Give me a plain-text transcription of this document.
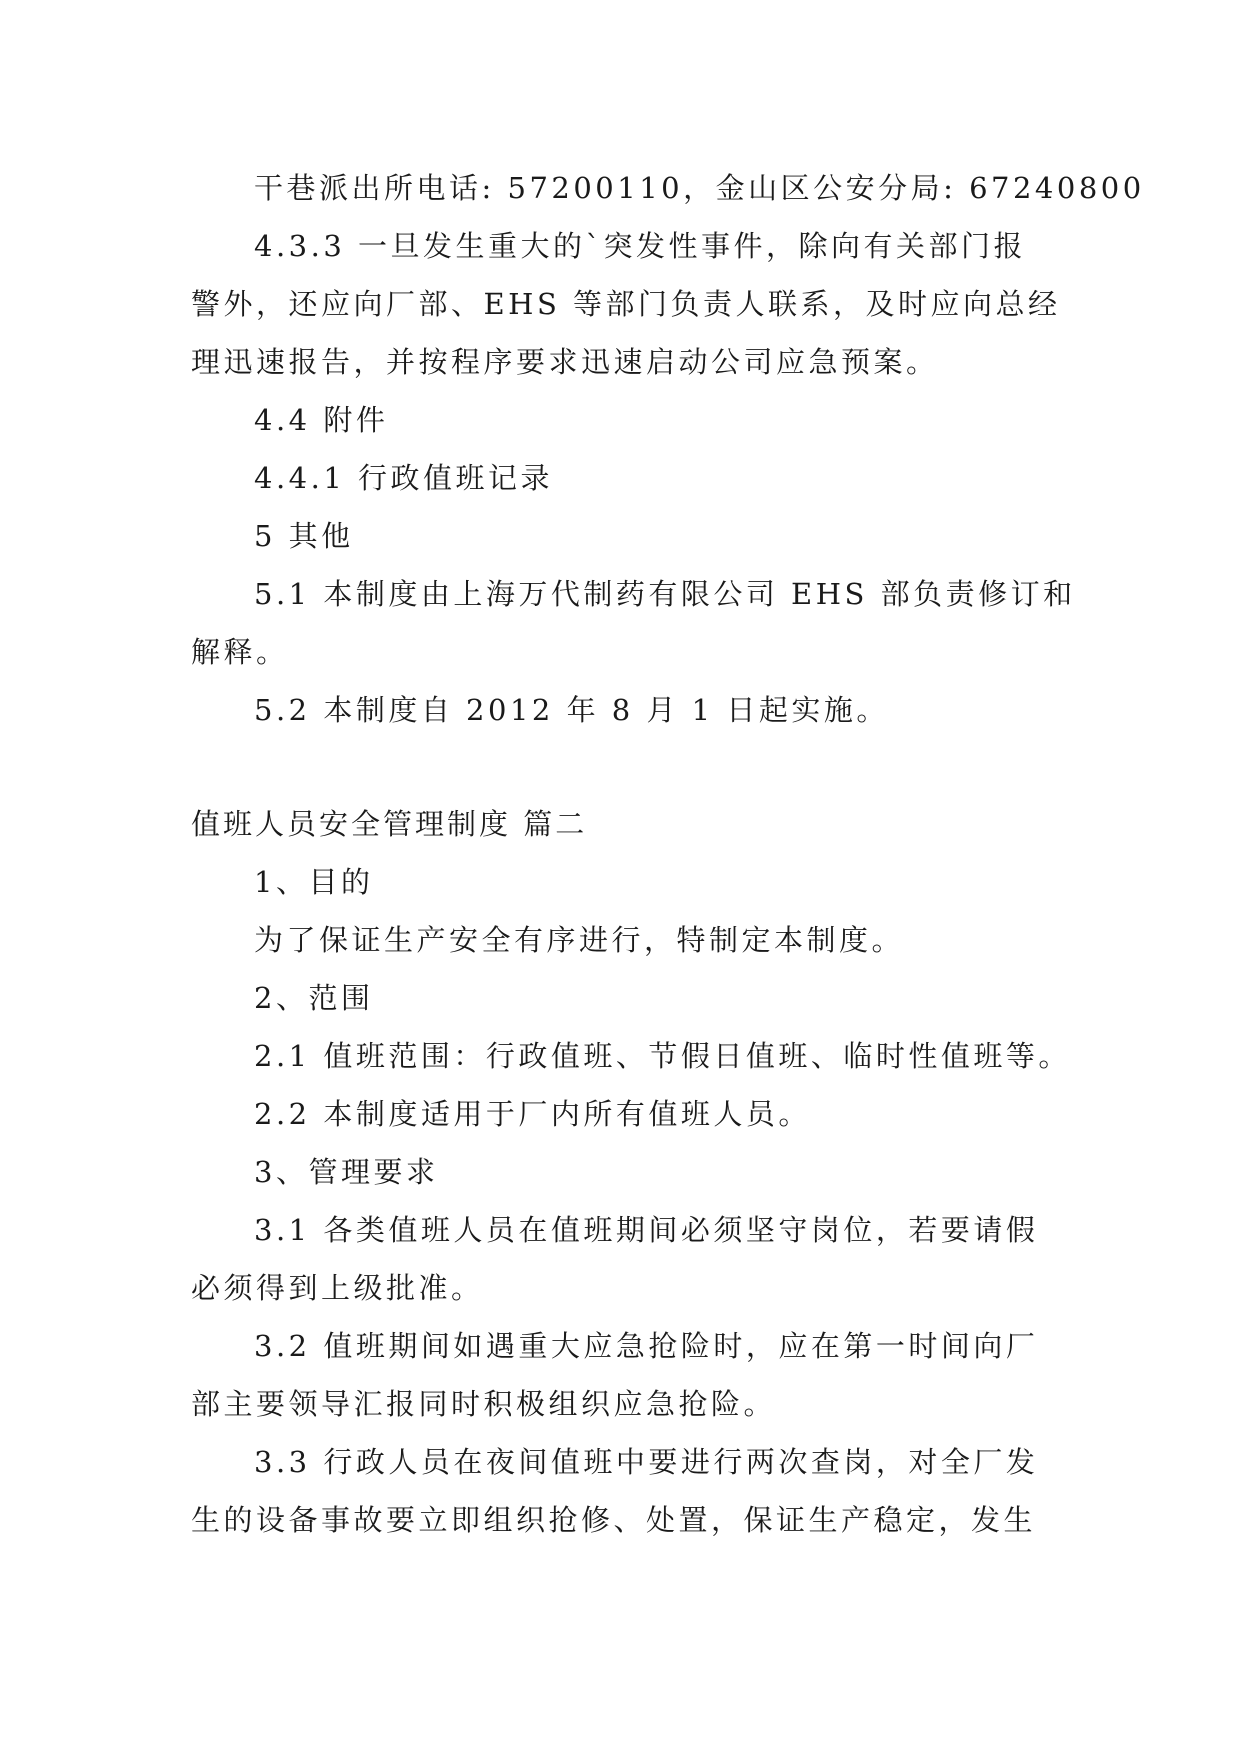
干巷派出所电话: 57200110，金山区公安分局: 67240800
4.3.3 一旦发生重大的`突发性事件，除向有关部门报
警外，还应向厂部、EHS 等部门负责人联系，及时应向总经
理迅速报告，并按程序要求迅速启动公司应急预案。
4.4 附件
4.4.1 行政值班记录
5 其他
5.1 本制度由上海万代制药有限公司 EHS 部负责修订和
解释。
5.2 本制度自 2012 年 8 月 1 日起实施。
值班人员安全管理制度 篇二
1、目的
为了保证生产安全有序进行，特制定本制度。
2、范围
2.1 值班范围：行政值班、节假日值班、临时性值班等。
2.2 本制度适用于厂内所有值班人员。
3、管理要求
3.1 各类值班人员在值班期间必须坚守岗位，若要请假
必须得到上级批准。
3.2 值班期间如遇重大应急抢险时，应在第一时间向厂
部主要领导汇报同时积极组织应急抢险。
3.3 行政人员在夜间值班中要进行两次查岗，对全厂发
生的设备事故要立即组织抢修、处置，保证生产稳定，发生
